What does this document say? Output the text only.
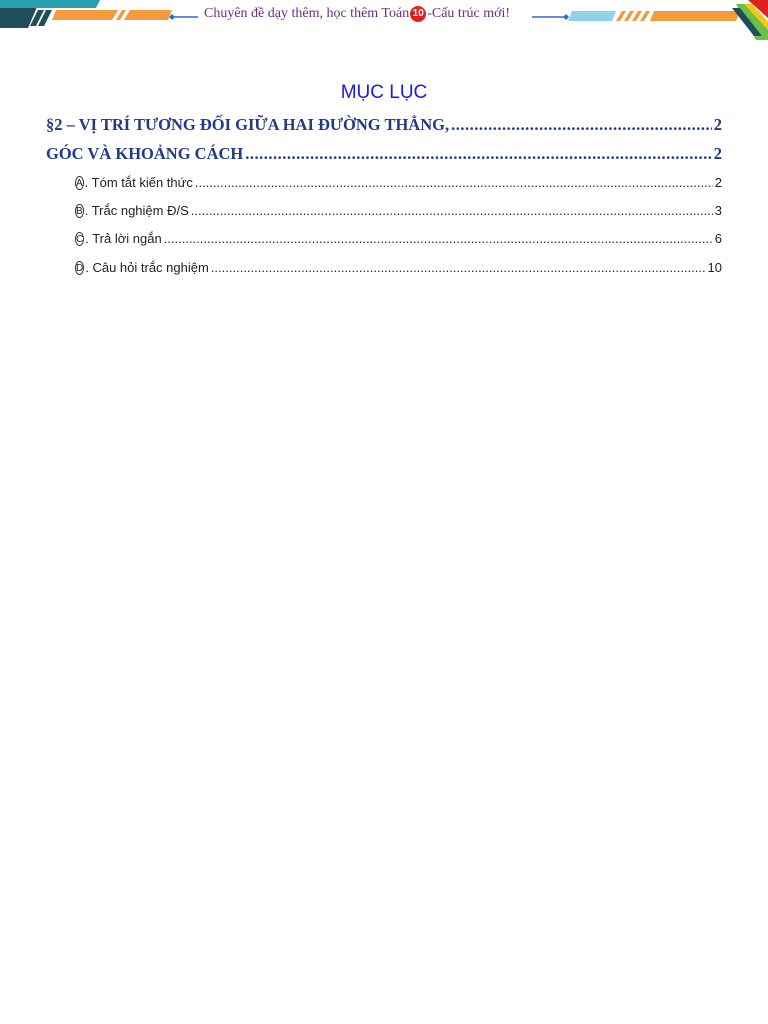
Chuyên đề dạy thêm, học thêm Toán 10 -Cấu trúc mới!
MỤC LỤC
§2 – VỊ TRÍ TƯƠNG ĐỐI GIỮA HAI ĐƯỜNG THẲNG, .....	2
GÓC VÀ KHOẢNG CÁCH .....	2
A . Tóm tắt kiến thức .....	2
B . Trắc nghiệm Đ/S .....	3
C . Trả lời ngắn .....	6
D . Câu hỏi trắc nghiệm .....	10
